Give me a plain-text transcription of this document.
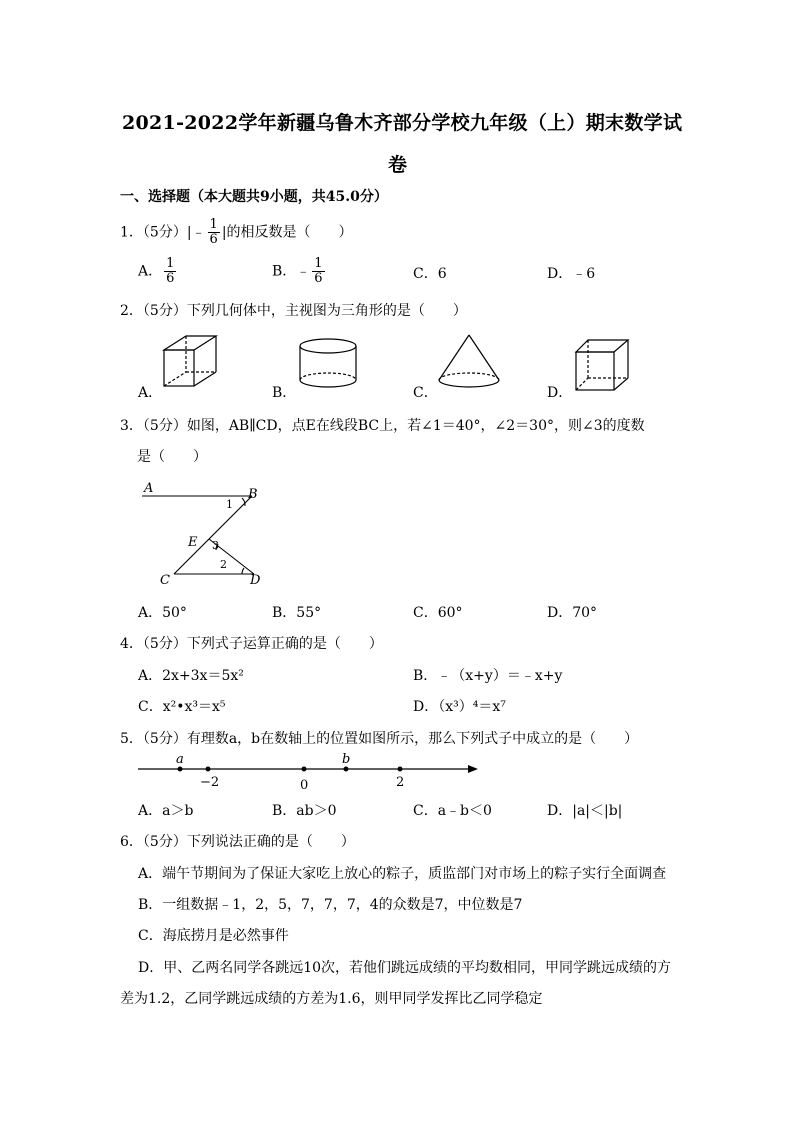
2021-2022学年新疆乌鲁木齐部分学校九年级（上）期末数学试
卷
一、选择题（本大题共9小题，共45.0分）
1．（5分）|﹣ $\frac{1}{6}$ |的相反数是（　　）
A． $\frac{1}{6}$	B．﹣ $\frac{1}{6}$	C．6	D．﹣6
2．（5分）下列几何体中，主视图为三角形的是（　　）
A．	B．	C．	D．
3．（5分）如图，AB∥CD，点E在线段BC上，若∠1＝40°，∠2＝30°，则∠3的度数
是（　　）
A	B
C	D
E
1
2
3
A．50°	B．55°	C．60°	D．70°
4．（5分）下列式子运算正确的是（　　）
A．2x+3x＝5x²	B．﹣（x+y）＝﹣x+y
C．x²•x³＝x⁵	D．（x³）⁴＝x⁷
5．（5分）有理数a，b在数轴上的位置如图所示，那么下列式子中成立的是（　　）
a	b
−2	0	2
A．a＞b	B．ab＞0	C．a﹣b＜0	D．|a|＜|b|
6．（5分）下列说法正确的是（　　）
A．端午节期间为了保证大家吃上放心的粽子，质监部门对市场上的粽子实行全面调查
B．一组数据﹣1，2，5，7，7，7，4的众数是7，中位数是7
C．海底捞月是必然事件
D．甲、乙两名同学各跳远10次，若他们跳远成绩的平均数相同，甲同学跳远成绩的方
差为1.2，乙同学跳远成绩的方差为1.6，则甲同学发挥比乙同学稳定
